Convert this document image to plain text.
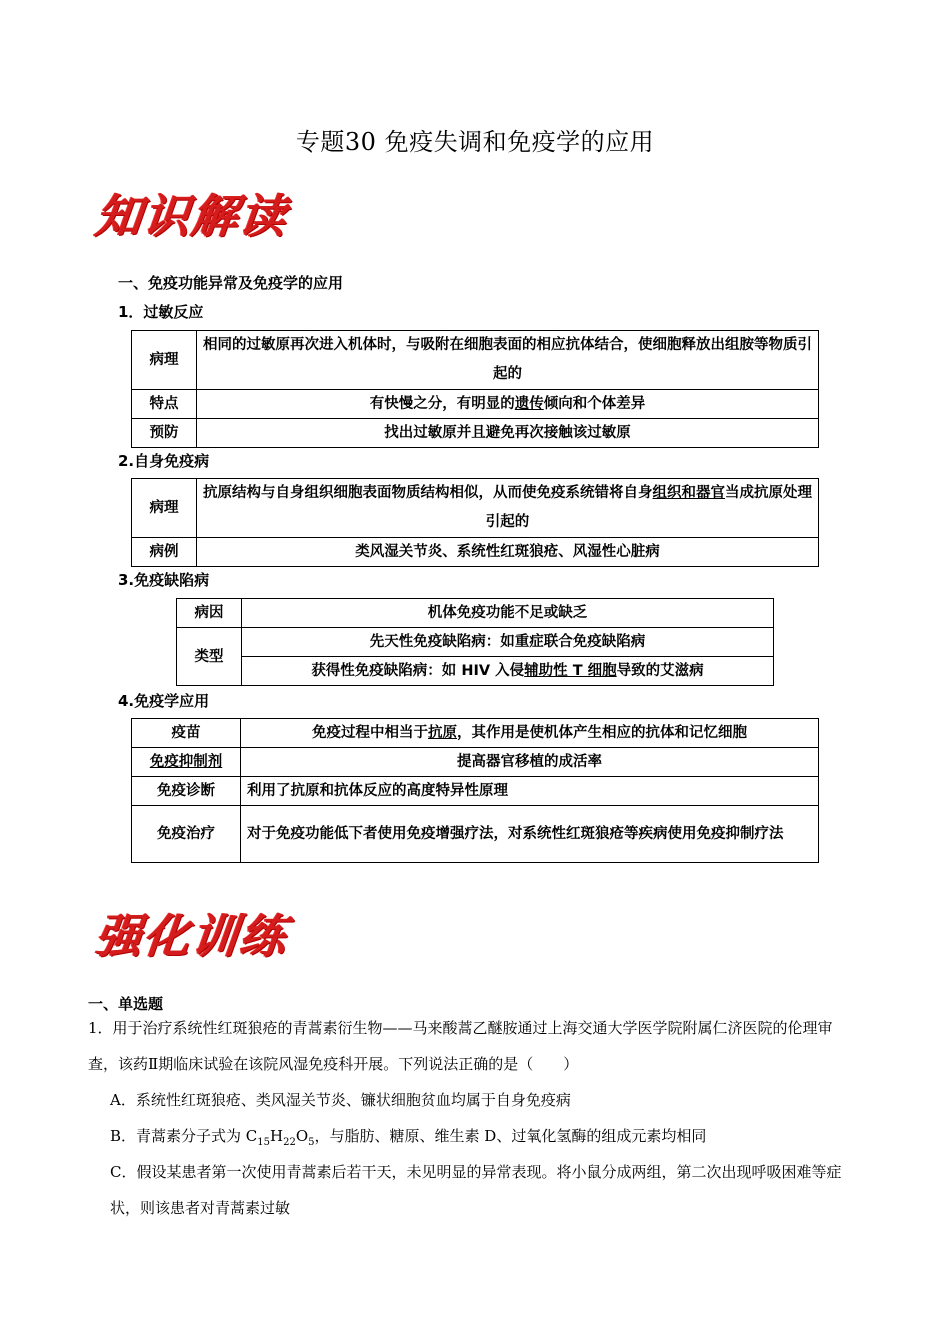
专题30 免疫失调和免疫学的应用
知识解读
一、免疫功能异常及免疫学的应用
1．过敏反应
病理	相同的过敏原再次进入机体时，与吸附在细胞表面的相应抗体结合，使细胞释放出组胺等物质引起的
特点	有快慢之分，有明显的遗传倾向和个体差异
预防	找出过敏原并且避免再次接触该过敏原
2.自身免疫病
病理	抗原结构与自身组织细胞表面物质结构相似，从而使免疫系统错将自身组织和器官当成抗原处理引起的
病例	类风湿关节炎、系统性红斑狼疮、风湿性心脏病
3.免疫缺陷病
病因	机体免疫功能不足或缺乏
类型	先天性免疫缺陷病：如重症联合免疫缺陷病
	获得性免疫缺陷病：如 HIV 入侵辅助性 T 细胞导致的艾滋病
4.免疫学应用
疫苗	免疫过程中相当于抗原，其作用是使机体产生相应的抗体和记忆细胞
免疫抑制剂	提高器官移植的成活率
免疫诊断	利用了抗原和抗体反应的高度特异性原理
免疫治疗	对于免疫功能低下者使用免疫增强疗法，对系统性红斑狼疮等疾病使用免疫抑制疗法
强化训练
一、单选题
1．用于治疗系统性红斑狼疮的青蒿素衍生物——马来酸蒿乙醚胺通过上海交通大学医学院附属仁济医院的伦理审查，该药Ⅱ期临床试验在该院风湿免疫科开展。下列说法正确的是（　　）
A．系统性红斑狼疮、类风湿关节炎、镰状细胞贫血均属于自身免疫病
B．青蒿素分子式为 $C_{15}H_{22}O_5$，与脂肪、糖原、维生素 D、过氧化氢酶的组成元素均相同
C．假设某患者第一次使用青蒿素后若干天，未见明显的异常表现。将小鼠分成两组，第二次出现呼吸困难等症状，则该患者对青蒿素过敏
